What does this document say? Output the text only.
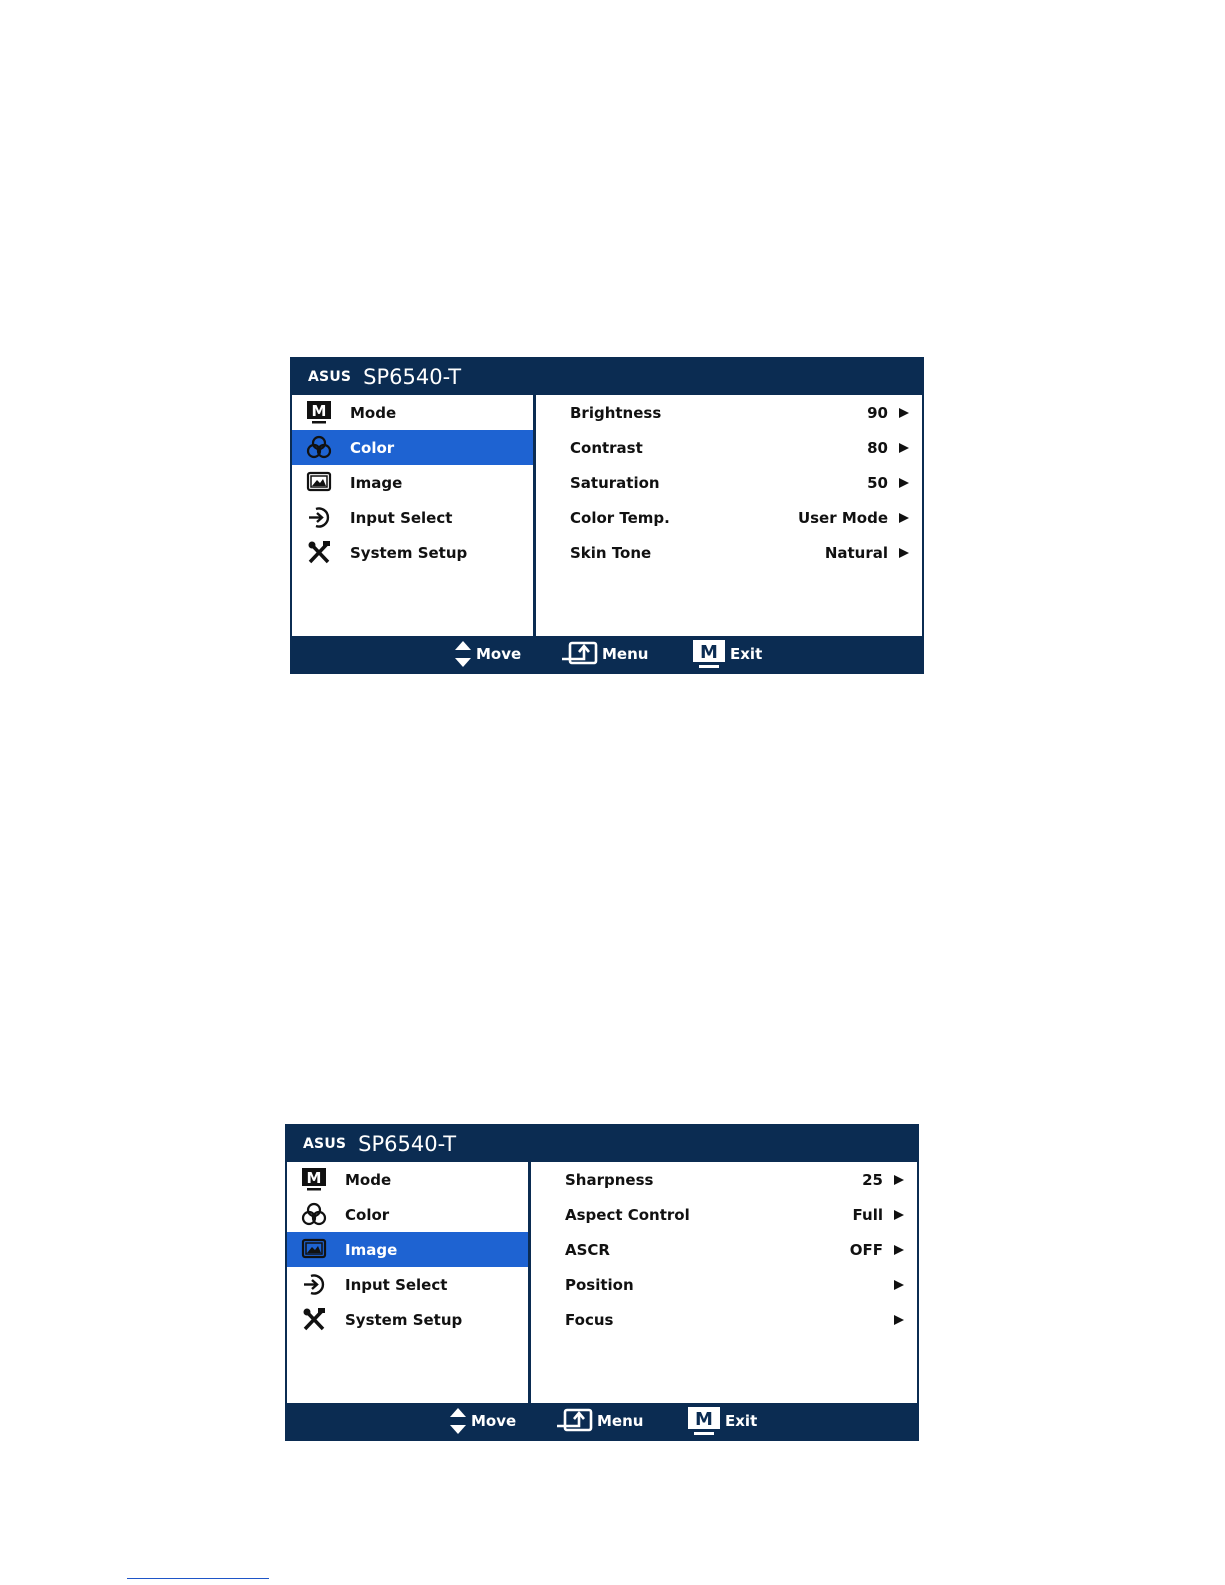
ASUS SP6540-T
M Mode
Color
Image
Input Select
System Setup
Brightness	90
Contrast	80
Saturation	50
Color Temp.	User Mode
Skin Tone	Natural
Move	Menu	M Exit
ASUS SP6540-T
M Mode
Color
Image
Input Select
System Setup
Sharpness	25
Aspect Control	Full
ASCR	OFF
Position
Focus
Move	Menu	M Exit
